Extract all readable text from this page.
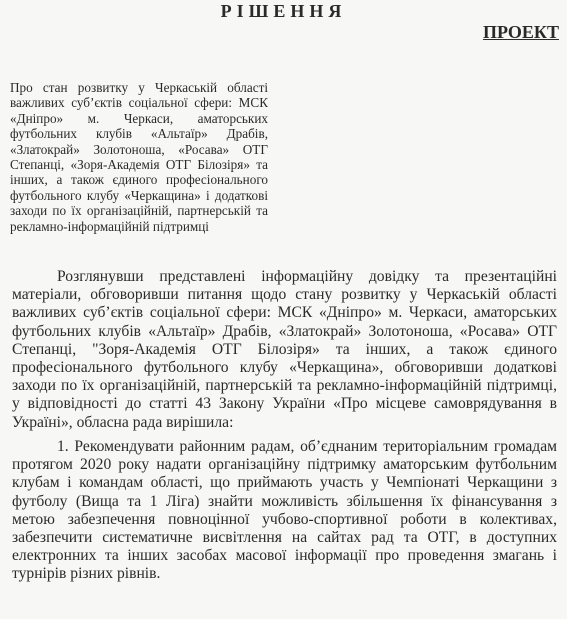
РІШЕННЯ
ПРОЕКТ

Про стан розвитку у Черкаській області важливих суб’єктів соціальної сфери: МСК «Дніпро» м. Черкаси, аматорських футбольних клубів «Альтаїр» Драбів, «Златокрай» Золотоноша, «Росава» ОТГ Степанці, «Зоря-Академія ОТГ Білозіря» та інших, а також єдиного професіонального футбольного клубу «Черкащина» і додаткові заходи по їх організаційній, партнерській та рекламно-інформаційній підтримці

Розглянувши представлені інформаційну довідку та презентаційні матеріали, обговоривши питання щодо стану розвитку у Черкаській області важливих суб’єктів соціальної сфери: МСК «Дніпро» м. Черкаси, аматорських футбольних клубів «Альтаїр» Драбів, «Златокрай» Золотоноша, «Росава» ОТГ Степанці, "Зоря-Академія ОТГ Білозіря» та інших, а також єдиного професіонального футбольного клубу «Черкащина», обговоривши додаткові заходи по їх організаційній, партнерській та рекламно-інформаційній підтримці, у відповідності до статті 43 Закону України «Про місцеве самоврядування в Україні», обласна рада вирішила:

1. Рекомендувати районним радам, об’єднаним територіальним громадам протягом 2020 року надати організаційну підтримку аматорським футбольним клубам і командам області, що приймають участь у Чемпіонаті Черкащини з футболу (Вища та 1 Ліга) знайти можливість збільшення їх фінансування з метою забезпечення повноцінної учбово-спортивної роботи в колективах, забезпечити систематичне висвітлення на сайтах рад та ОТГ, в доступних електронних та інших засобах масової інформації про проведення змагань і турнірів різних рівнів.
